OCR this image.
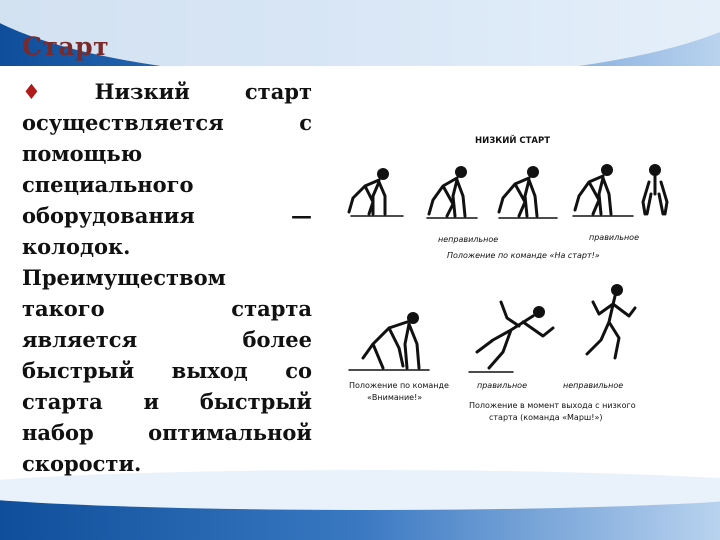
Старт

♦ Низкий старт осуществляется с помощью специального оборудования — колодок. Преимуществом такого старта является более быстрый выход со старта и быстрый набор оптимальной скорости.

НИЗКИЙ СТАРТ
неправильное	правильное
Положение по команде «На старт!»
Положение по команде
«Внимание!»
правильное	неправильное
Положение в момент выхода с низкого
старта (команда «Марш!»)
